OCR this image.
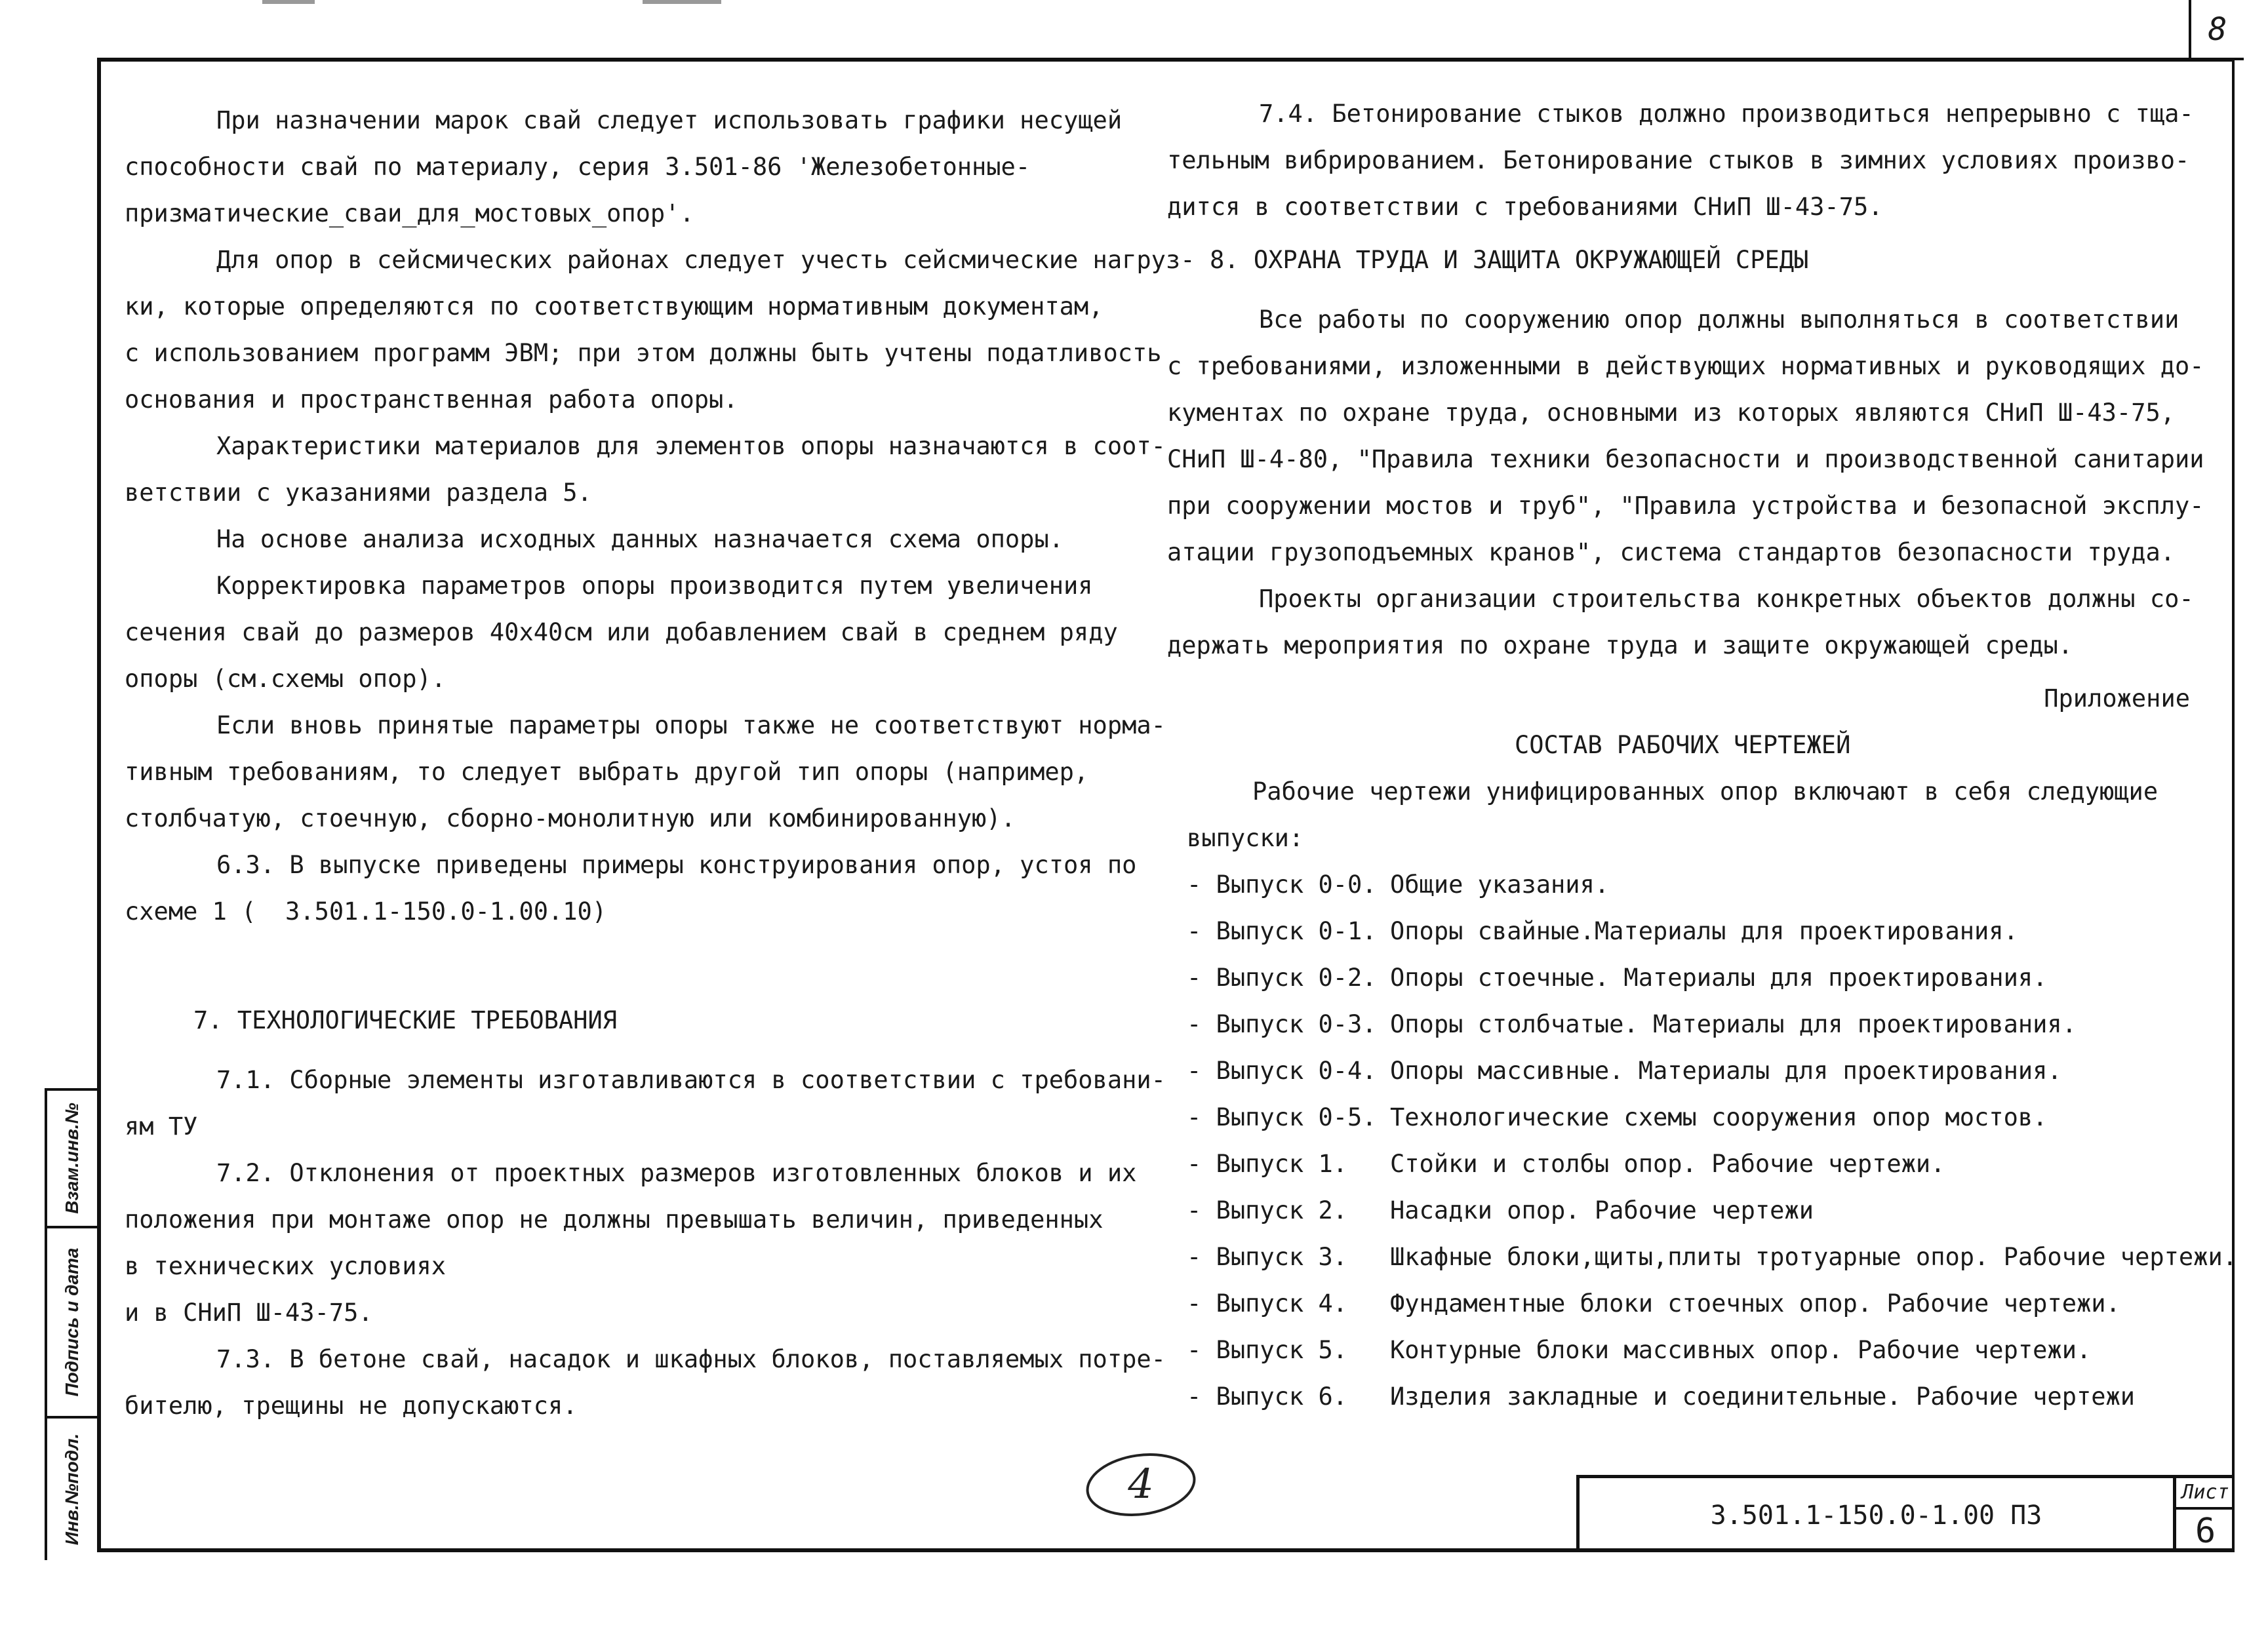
8

При назначении марок свай следует использовать графики несущей

способности свай по материалу, серия 3.501-86 'Железобетонные-

призматические_сваи_для_мостовых_опор'.

Для опор в сейсмических районах следует учесть сейсмические нагруз-

ки, которые определяются по соответствующим нормативным документам,

с использованием программ ЭВМ; при этом должны быть учтены податливость

основания и пространственная работа опоры.

Характеристики материалов для элементов опоры назначаются в соот-

ветствии с указаниями раздела 5.

На основе анализа исходных данных назначается схема опоры.

Корректировка параметров опоры производится путем увеличения

сечения свай до размеров 40x40см или добавлением свай в среднем ряду

опоры (см.схемы опор).

Если вновь принятые параметры опоры также не соответствуют норма-

тивным требованиям, то следует выбрать другой тип опоры (например,

столбчатую, стоечную, сборно-монолитную или комбинированную).

6.3. В выпуске приведены примеры конструирования опор, устоя по

схеме 1 (  3.501.1-150.0-1.00.10)

7. ТЕХНОЛОГИЧЕСКИЕ ТРЕБОВАНИЯ

7.1. Сборные элементы изготавливаются в соответствии с требовани-

ям ТУ

7.2. Отклонения от проектных размеров изготовленных блоков и их

положения при монтаже опор не должны превышать величин, приведенных

в технических условиях

и в СНиП Ш-43-75.

7.3. В бетоне свай, насадок и шкафных блоков, поставляемых потре-

бителю, трещины не допускаются.

7.4. Бетонирование стыков должно производиться непрерывно с тща-

тельным вибрированием. Бетонирование стыков в зимних условиях произво-

дится в соответствии с требованиями СНиП Ш-43-75.

8. ОХРАНА ТРУДА И ЗАЩИТА ОКРУЖАЮЩЕЙ СРЕДЫ

Все работы по сооружению опор должны выполняться в соответствии

с требованиями, изложенными в действующих нормативных и руководящих до-

кументах по охране труда, основными из которых являются СНиП Ш-43-75,

СНиП Ш-4-80, "Правила техники безопасности и производственной санитарии

при сооружении мостов и труб", "Правила устройства и безопасной эксплу-

атации грузоподъемных кранов", система стандартов безопасности труда.

Проекты организации строительства конкретных объектов должны со-

держать мероприятия по охране труда и защите окружающей среды.

Приложение

СОСТАВ РАБОЧИХ ЧЕРТЕЖЕЙ

Рабочие чертежи унифицированных опор включают в себя следующие

выпуски:

- Выпуск 0-0. Общие указания.

- Выпуск 0-1. Опоры свайные.Материалы для проектирования.

- Выпуск 0-2. Опоры стоечные. Материалы для проектирования.

- Выпуск 0-3. Опоры столбчатые. Материалы для проектирования.

- Выпуск 0-4. Опоры массивные. Материалы для проектирования.

- Выпуск 0-5. Технологические схемы сооружения опор мостов.

- Выпуск 1. Стойки и столбы опор. Рабочие чертежи.

- Выпуск 2. Насадки опор. Рабочие чертежи

- Выпуск 3. Шкафные блоки,щиты,плиты тротуарные опор. Рабочие чертежи.

- Выпуск 4. Фундаментные блоки стоечных опор. Рабочие чертежи.

- Выпуск 5. Контурные блоки массивных опор. Рабочие чертежи.

- Выпуск 6. Изделия закладные и соединительные. Рабочие чертежи

3.501.1-150.0-1.00 ПЗ
Лист
6
Взам.инв.№
Подпись и дата
Инв.№подл.	4
